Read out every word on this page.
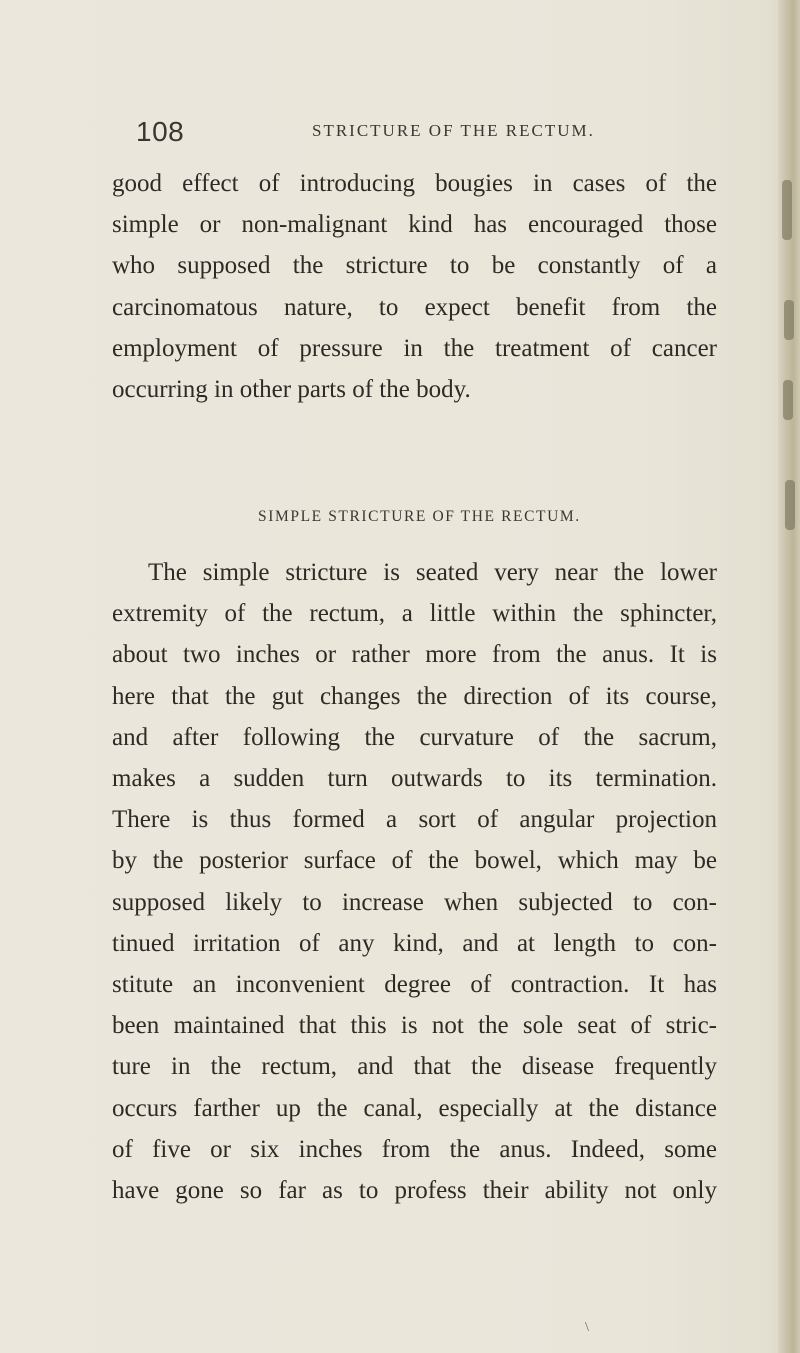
108	STRICTURE OF THE RECTUM.
good effect of introducing bougies in cases of the
simple or non-malignant kind has encouraged those
who supposed the stricture to be constantly of a
carcinomatous nature, to expect benefit from the
employment of pressure in the treatment of cancer
occurring in other parts of the body.
SIMPLE STRICTURE OF THE RECTUM.
The simple stricture is seated very near the lower
extremity of the rectum, a little within the sphincter,
about two inches or rather more from the anus. It is
here that the gut changes the direction of its course,
and after following the curvature of the sacrum,
makes a sudden turn outwards to its termination.
There is thus formed a sort of angular projection
by the posterior surface of the bowel, which may be
supposed likely to increase when subjected to con-
tinued irritation of any kind, and at length to con-
stitute an inconvenient degree of contraction. It has
been maintained that this is not the sole seat of stric-
ture in the rectum, and that the disease frequently
occurs farther up the canal, especially at the distance
of five or six inches from the anus. Indeed, some
have gone so far as to profess their ability not only
\
